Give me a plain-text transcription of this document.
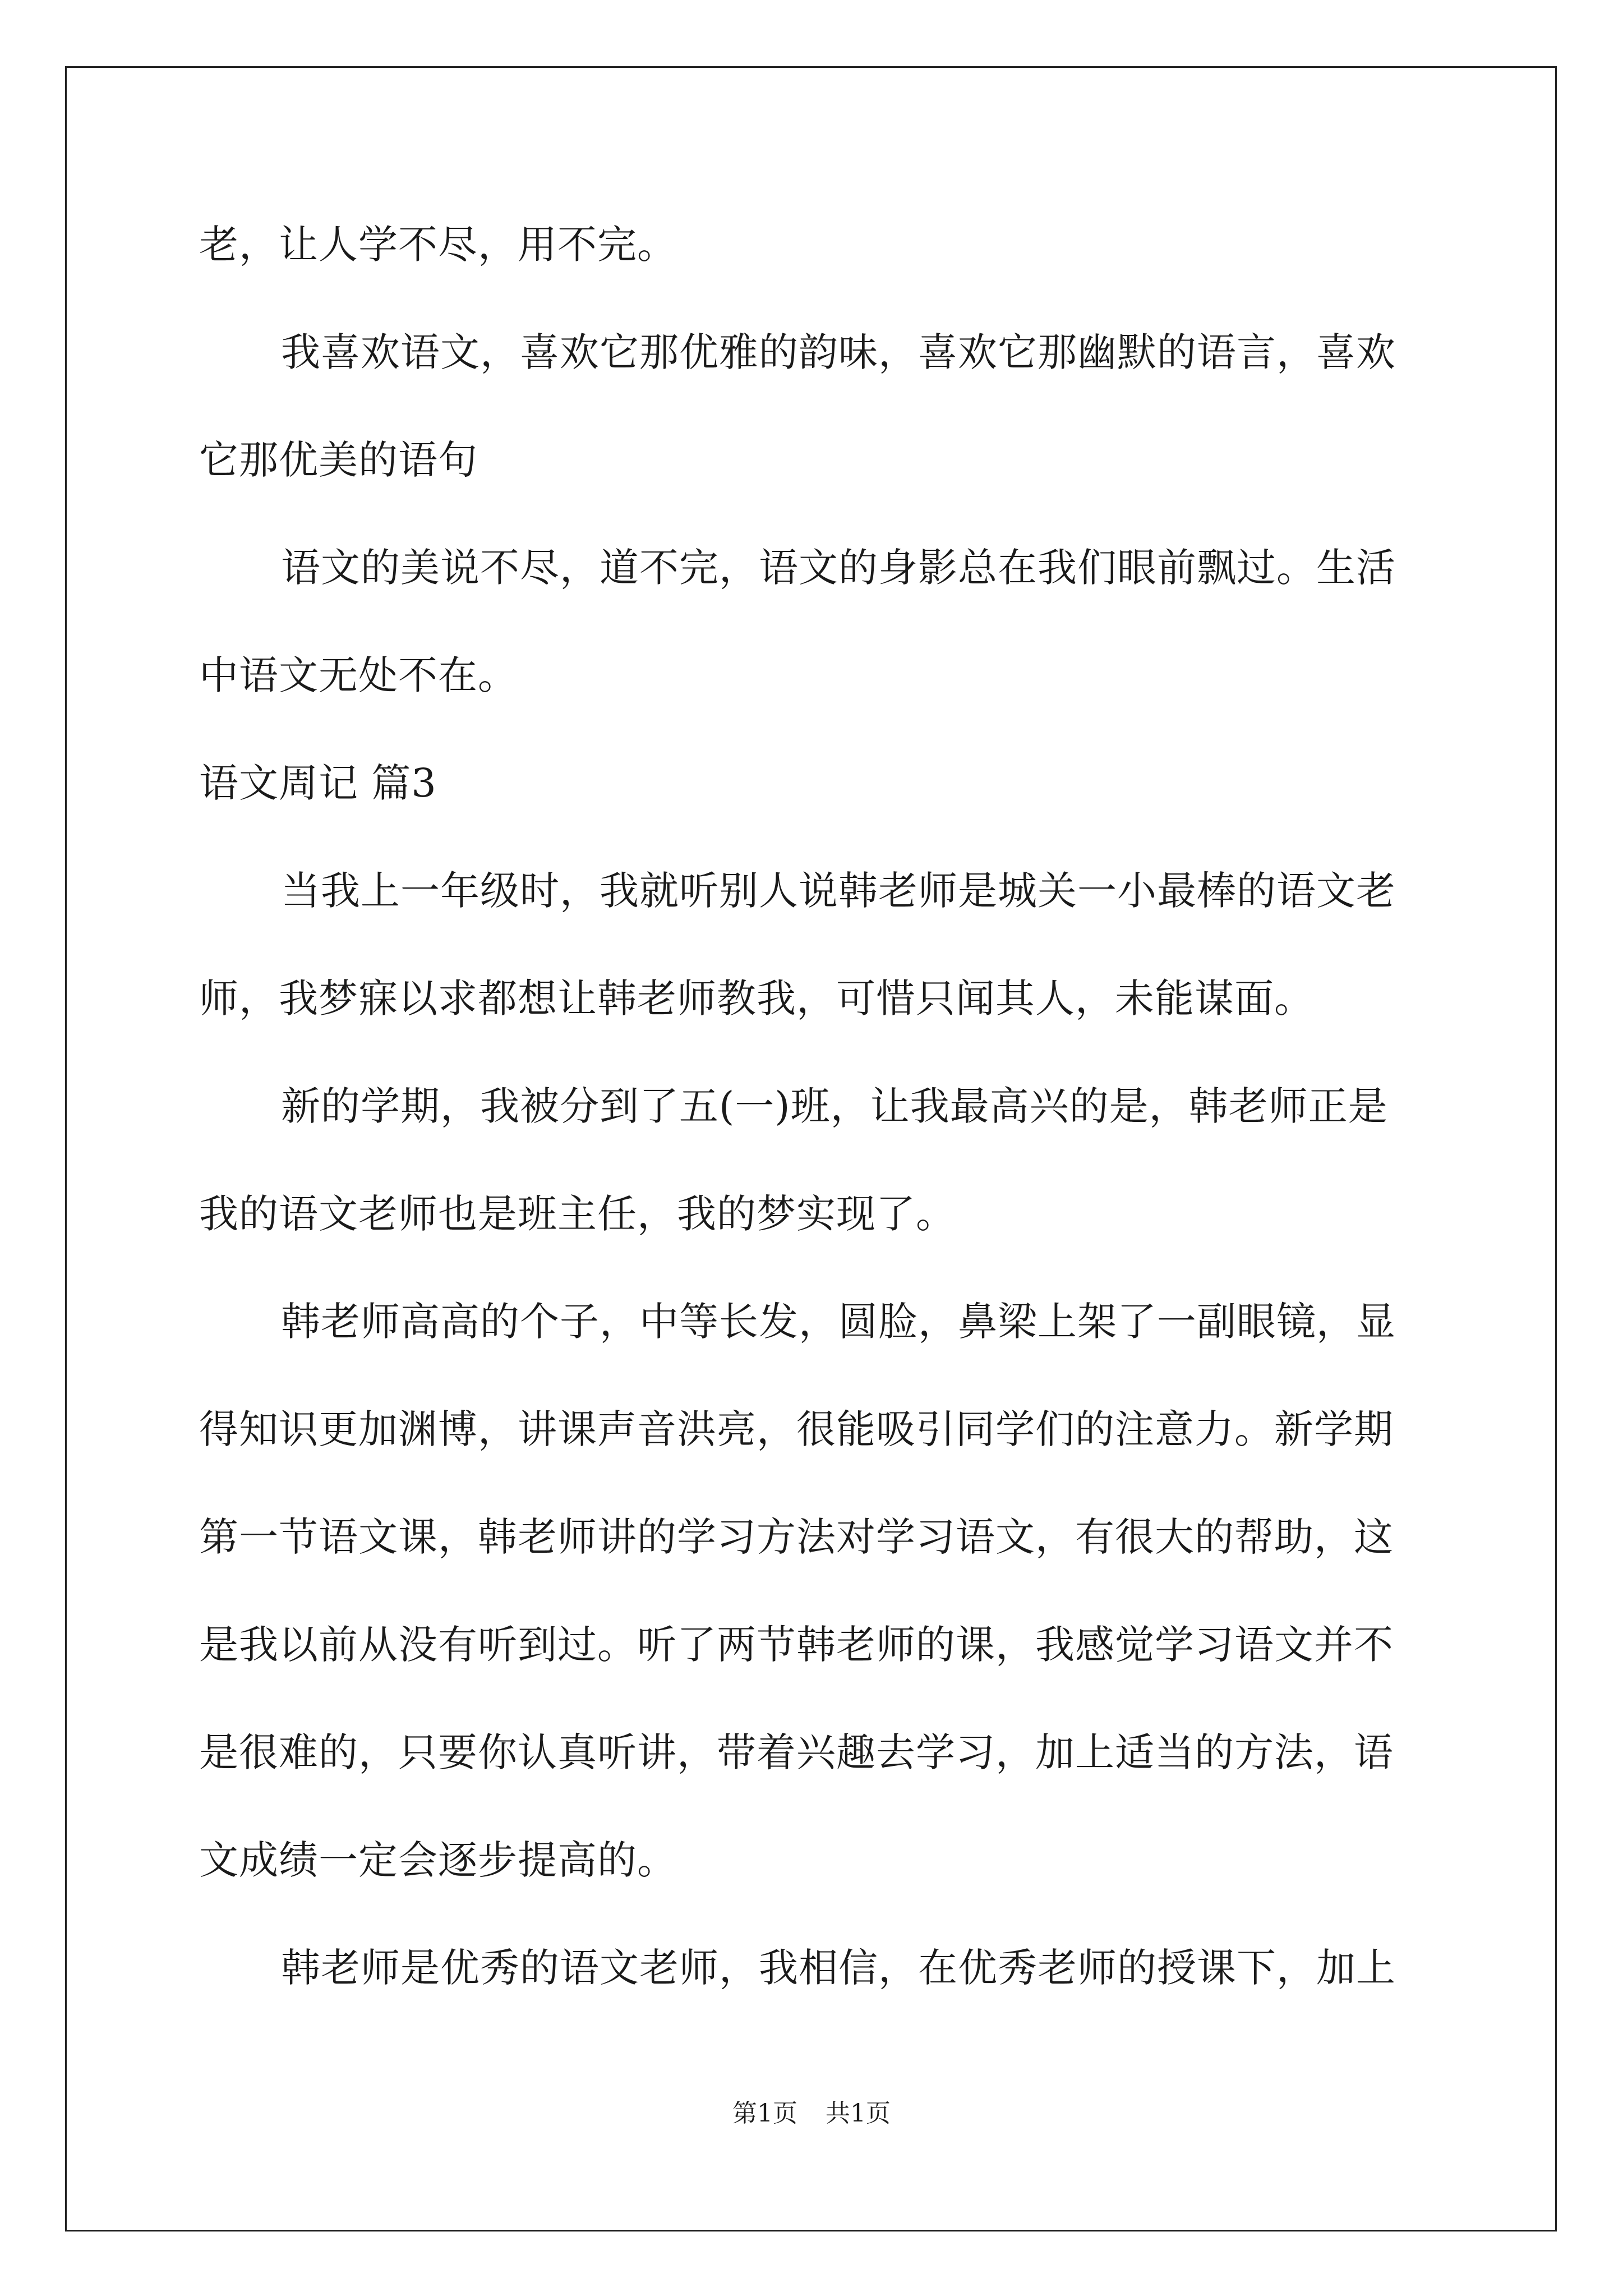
老，让人学不尽，用不完。
我喜欢语文，喜欢它那优雅的韵味，喜欢它那幽默的语言，喜欢
它那优美的语句
语文的美说不尽，道不完，语文的身影总在我们眼前飘过。生活
中语文无处不在。
语文周记 篇3
当我上一年级时，我就听别人说韩老师是城关一小最棒的语文老
师，我梦寐以求都想让韩老师教我，可惜只闻其人，未能谋面。
新的学期，我被分到了五(一)班，让我最高兴的是，韩老师正是
我的语文老师也是班主任，我的梦实现了。
韩老师高高的个子，中等长发，圆脸，鼻梁上架了一副眼镜，显
得知识更加渊博，讲课声音洪亮，很能吸引同学们的注意力。新学期
第一节语文课，韩老师讲的学习方法对学习语文，有很大的帮助，这
是我以前从没有听到过。听了两节韩老师的课，我感觉学习语文并不
是很难的，只要你认真听讲，带着兴趣去学习，加上适当的方法，语
文成绩一定会逐步提高的。
韩老师是优秀的语文老师，我相信，在优秀老师的授课下，加上
第1页 共1页
